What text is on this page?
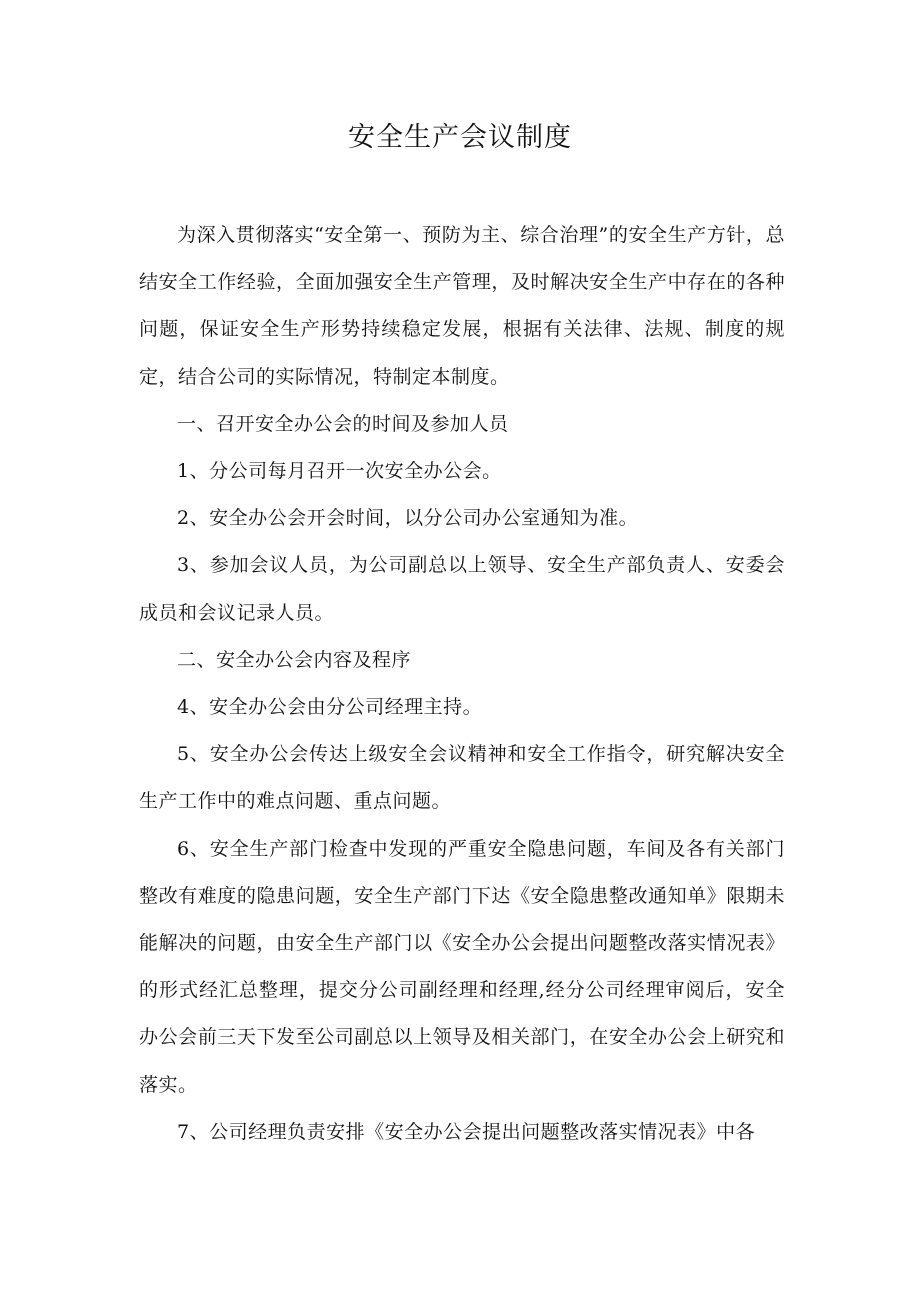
安全生产会议制度

为深入贯彻落实“安全第一、预防为主、综合治理”的安全生产方针，总结安全工作经验，全面加强安全生产管理，及时解决安全生产中存在的各种问题，保证安全生产形势持续稳定发展，根据有关法律、法规、制度的规定，结合公司的实际情况，特制定本制度。

一、召开安全办公会的时间及参加人员

1、分公司每月召开一次安全办公会。

2、安全办公会开会时间，以分公司办公室通知为准。

3、参加会议人员，为公司副总以上领导、安全生产部负责人、安委会成员和会议记录人员。

二、安全办公会内容及程序

4、安全办公会由分公司经理主持。

5、安全办公会传达上级安全会议精神和安全工作指令，研究解决安全生产工作中的难点问题、重点问题。

6、安全生产部门检查中发现的严重安全隐患问题，车间及各有关部门整改有难度的隐患问题，安全生产部门下达《安全隐患整改通知单》限期未能解决的问题，由安全生产部门以《安全办公会提出问题整改落实情况表》的形式经汇总整理，提交分公司副经理和经理,经分公司经理审阅后，安全办公会前三天下发至公司副总以上领导及相关部门，在安全办公会上研究和落实。

7、公司经理负责安排《安全办公会提出问题整改落实情况表》中各
